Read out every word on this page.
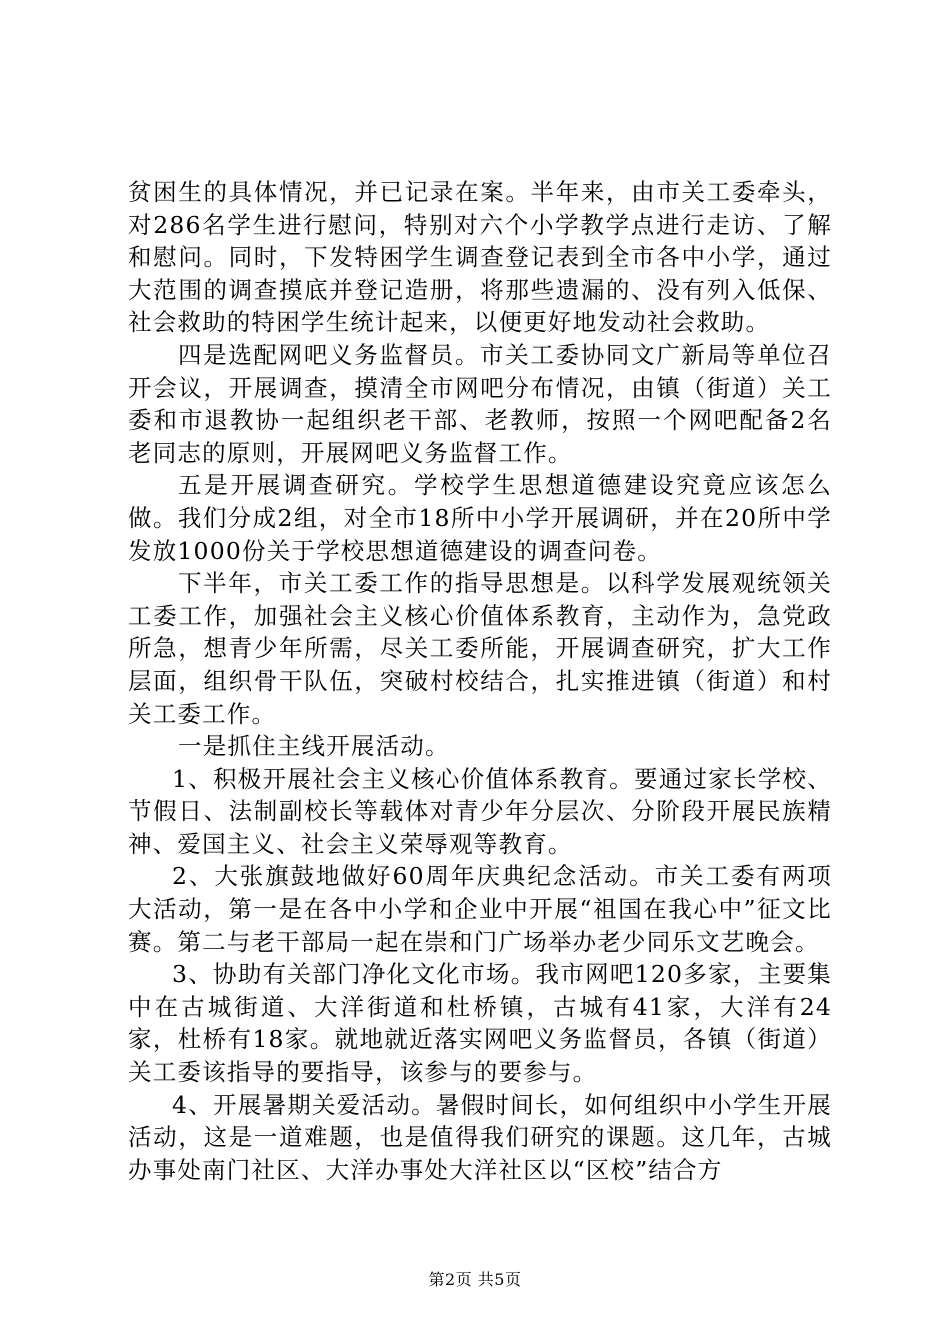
贫困生的具体情况，并已记录在案。半年来，由市关工委牵头，对286名学生进行慰问，特别对六个小学教学点进行走访、了解和慰问。同时，下发特困学生调查登记表到全市各中小学，通过大范围的调查摸底并登记造册，将那些遗漏的、没有列入低保、社会救助的特困学生统计起来，以便更好地发动社会救助。

四是选配网吧义务监督员。市关工委协同文广新局等单位召开会议，开展调查，摸清全市网吧分布情况，由镇（街道）关工委和市退教协一起组织老干部、老教师，按照一个网吧配备2名老同志的原则，开展网吧义务监督工作。

五是开展调查研究。学校学生思想道德建设究竟应该怎么做。我们分成2组，对全市18所中小学开展调研，并在20所中学发放1000份关于学校思想道德建设的调查问卷。

下半年，市关工委工作的指导思想是。以科学发展观统领关工委工作，加强社会主义核心价值体系教育，主动作为，急党政所急，想青少年所需，尽关工委所能，开展调查研究，扩大工作层面，组织骨干队伍，突破村校结合，扎实推进镇（街道）和村关工委工作。

一是抓住主线开展活动。

1、积极开展社会主义核心价值体系教育。要通过家长学校、节假日、法制副校长等载体对青少年分层次、分阶段开展民族精神、爱国主义、社会主义荣辱观等教育。

2、大张旗鼓地做好60周年庆典纪念活动。市关工委有两项大活动，第一是在各中小学和企业中开展“祖国在我心中”征文比赛。第二与老干部局一起在崇和门广场举办老少同乐文艺晚会。

3、协助有关部门净化文化市场。我市网吧120多家，主要集中在古城街道、大洋街道和杜桥镇，古城有41家，大洋有24家，杜桥有18家。就地就近落实网吧义务监督员，各镇（街道）关工委该指导的要指导，该参与的要参与。

4、开展暑期关爱活动。暑假时间长，如何组织中小学生开展活动，这是一道难题，也是值得我们研究的课题。这几年，古城办事处南门社区、大洋办事处大洋社区以“区校”结合方

第2页 共5页
